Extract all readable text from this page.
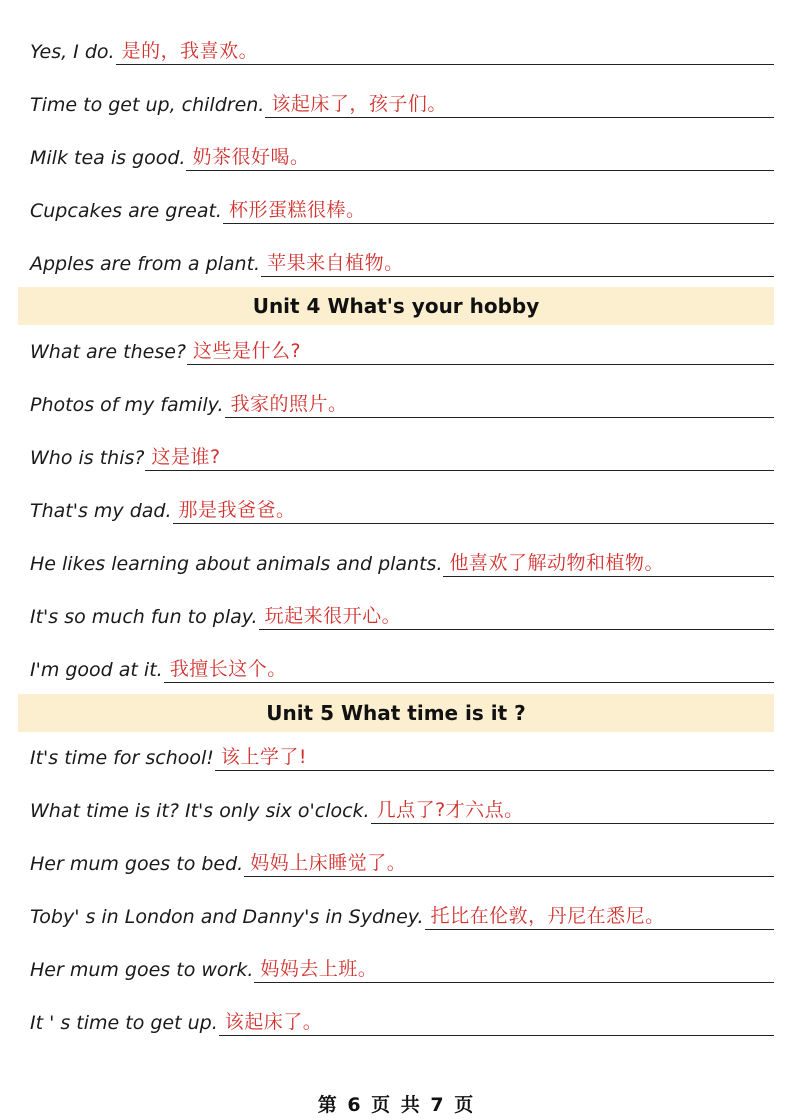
Yes, I do. 是的，我喜欢。
Time to get up, children. 该起床了，孩子们。
Milk tea is good. 奶茶很好喝。
Cupcakes are great. 杯形蛋糕很棒。
Apples are from a plant. 苹果来自植物。
Unit 4 What's your hobby
What are these? 这些是什么?
Photos of my family. 我家的照片。
Who is this? 这是谁?
That's my dad. 那是我爸爸。
He likes learning about animals and plants. 他喜欢了解动物和植物。
It's so much fun to play. 玩起来很开心。
I'm good at it. 我擅长这个。
Unit 5 What time is it ?
It's time for school! 该上学了!
What time is it? It's only six o'clock. 几点了?才六点。
Her mum goes to bed. 妈妈上床睡觉了。
Toby' s in London and Danny's in Sydney. 托比在伦敦，丹尼在悉尼。
Her mum goes to work. 妈妈去上班。
It ' s time to get up. 该起床了。
第 6 页 共 7 页
